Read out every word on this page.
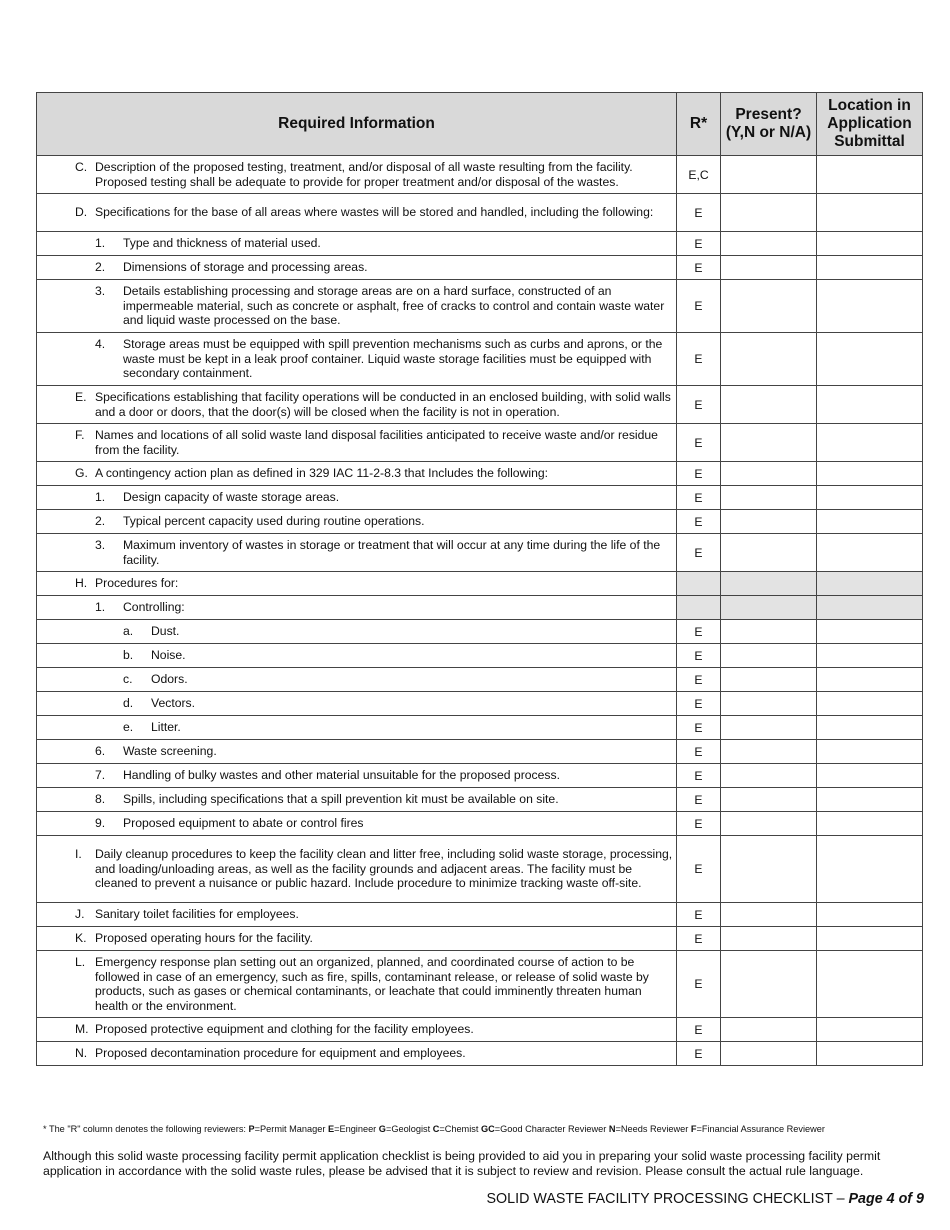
Required Information	R*	Present? (Y,N or N/A)	Location in Application Submittal

C. Description of the proposed testing, treatment, and/or disposal of all waste resulting from the facility. Proposed testing shall be adequate to provide for proper treatment and/or disposal of the wastes.	E,C		

D. Specifications for the base of all areas where wastes will be stored and handled, including the following:	E		

1. Type and thickness of material used.	E		

2. Dimensions of storage and processing areas.	E		

3. Details establishing processing and storage areas are on a hard surface, constructed of an impermeable material, such as concrete or asphalt, free of cracks to control and contain waste water and liquid waste processed on the base.	E		

4. Storage areas must be equipped with spill prevention mechanisms such as curbs and aprons, or the waste must be kept in a leak proof container. Liquid waste storage facilities must be equipped with secondary containment.	E		

E. Specifications establishing that facility operations will be conducted in an enclosed building, with solid walls and a door or doors, that the door(s) will be closed when the facility is not in operation.	E		

F. Names and locations of all solid waste land disposal facilities anticipated to receive waste and/or residue from the facility.	E		

G. A contingency action plan as defined in 329 IAC 11-2-8.3 that Includes the following:	E		

1. Design capacity of waste storage areas.	E		

2. Typical percent capacity used during routine operations.	E		

3. Maximum inventory of wastes in storage or treatment that will occur at any time during the life of the facility.	E		

H. Procedures for:			

1. Controlling:			

a. Dust.	E		

b. Noise.	E		

c. Odors.	E		

d. Vectors.	E		

e. Litter.	E		

6. Waste screening.	E		

7. Handling of bulky wastes and other material unsuitable for the proposed process.	E		

8. Spills, including specifications that a spill prevention kit must be available on site.	E		

9. Proposed equipment to abate or control fires	E		

I. Daily cleanup procedures to keep the facility clean and litter free, including solid waste storage, processing, and loading/unloading areas, as well as the facility grounds and adjacent areas. The facility must be cleaned to prevent a nuisance or public hazard. Include procedure to minimize tracking waste off-site.	E		

J. Sanitary toilet facilities for employees.	E		

K. Proposed operating hours for the facility.	E		

L. Emergency response plan setting out an organized, planned, and coordinated course of action to be followed in case of an emergency, such as fire, spills, contaminant release, or release of solid waste by products, such as gases or chemical contaminants, or leachate that could imminently threaten human health or the environment.	E		

M. Proposed protective equipment and clothing for the facility employees.	E		

N. Proposed decontamination procedure for equipment and employees.	E		
* The "R" column denotes the following reviewers: P=Permit Manager E=Engineer G=Geologist C=Chemist GC=Good Character Reviewer N=Needs Reviewer F=Financial Assurance Reviewer
Although this solid waste processing facility permit application checklist is being provided to aid you in preparing your solid waste processing facility permit application in accordance with the solid waste rules, please be advised that it is subject to review and revision. Please consult the actual rule language.
SOLID WASTE FACILITY PROCESSING CHECKLIST – Page 4 of 9
